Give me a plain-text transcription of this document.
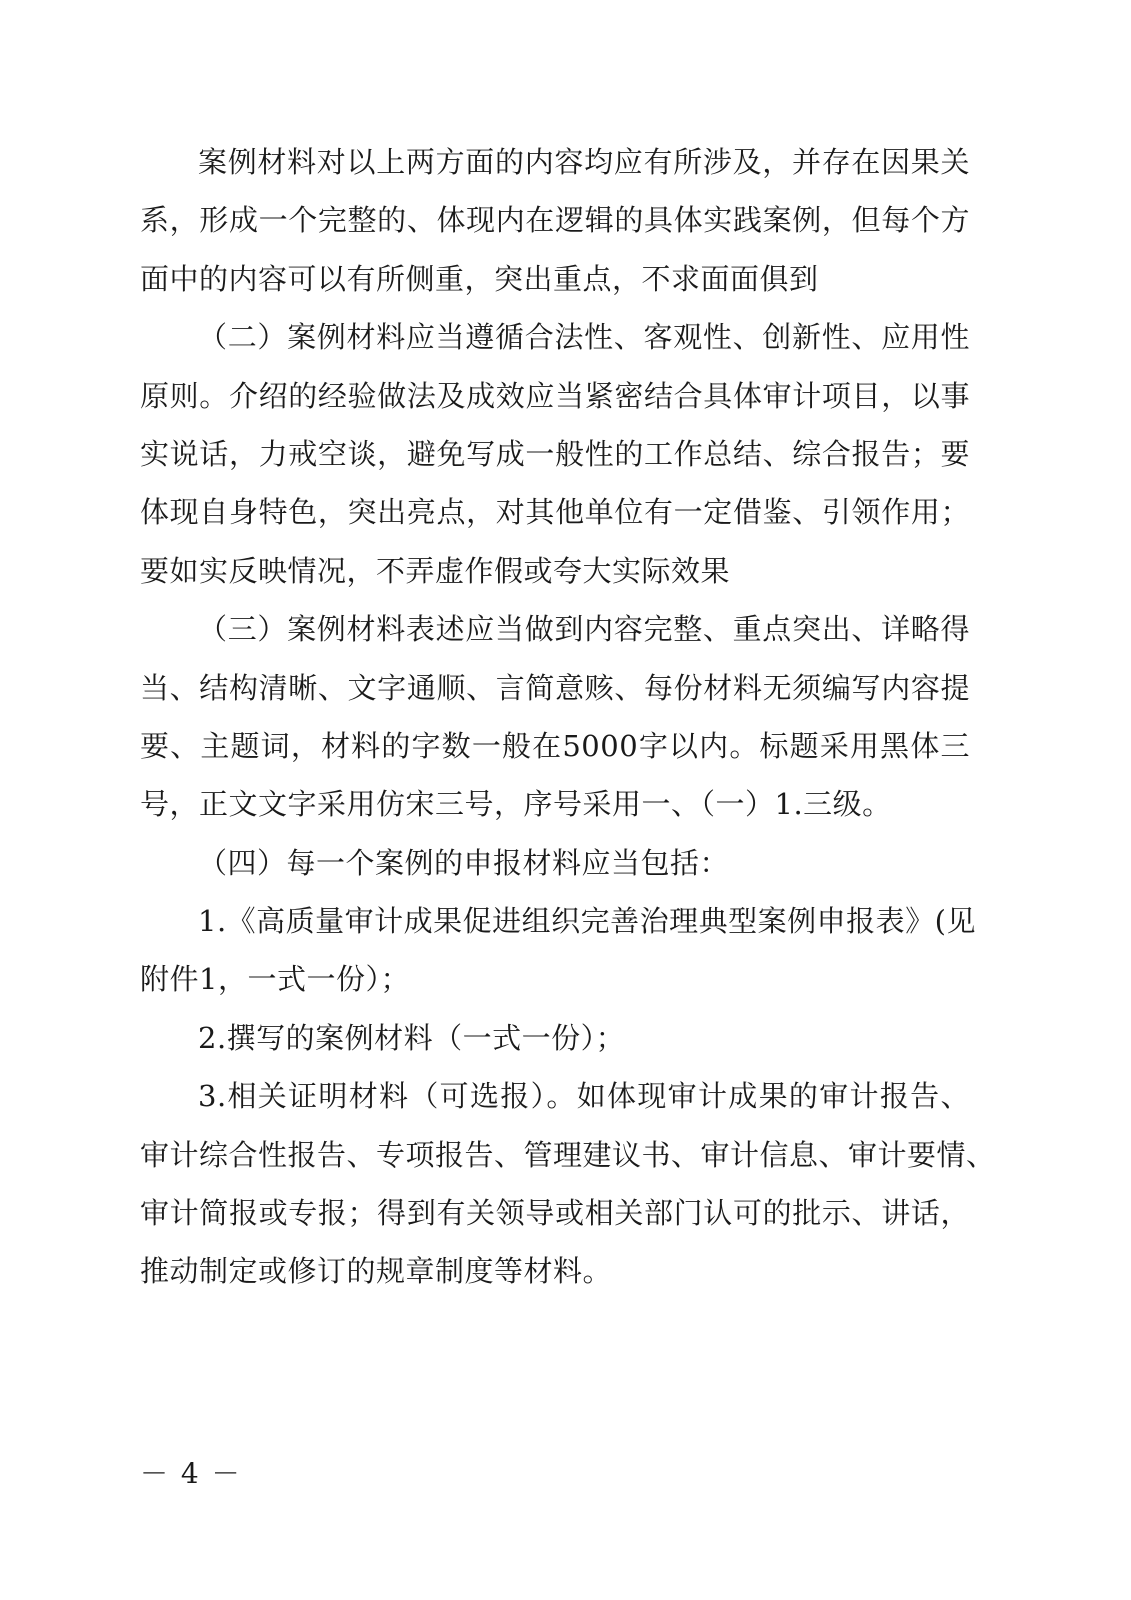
案例材料对以上两方面的内容均应有所涉及，并存在因果关
系，形成一个完整的、体现内在逻辑的具体实践案例，但每个方
面中的内容可以有所侧重，突出重点，不求面面俱到
（二）案例材料应当遵循合法性、客观性、创新性、应用性
原则。介绍的经验做法及成效应当紧密结合具体审计项目，以事
实说话，力戒空谈，避免写成一般性的工作总结、综合报告；要
体现自身特色，突出亮点，对其他单位有一定借鉴、引领作用；
要如实反映情况，不弄虚作假或夸大实际效果
（三）案例材料表述应当做到内容完整、重点突出、详略得
当、结构清晰、文字通顺、言简意赅、每份材料无须编写内容提
要、主题词，材料的字数一般在5000字以内。标题采用黑体三
号，正文文字采用仿宋三号，序号采用一、（一）1.三级。
（四）每一个案例的申报材料应当包括：
1.《高质量审计成果促进组织完善治理典型案例申报表》(见
附件1，一式一份）；
2.撰写的案例材料（一式一份）；
3.相关证明材料（可选报）。如体现审计成果的审计报告、
审计综合性报告、专项报告、管理建议书、审计信息、审计要情、
审计简报或专报；得到有关领导或相关部门认可的批示、讲话，
推动制定或修订的规章制度等材料。
－ 4 －
